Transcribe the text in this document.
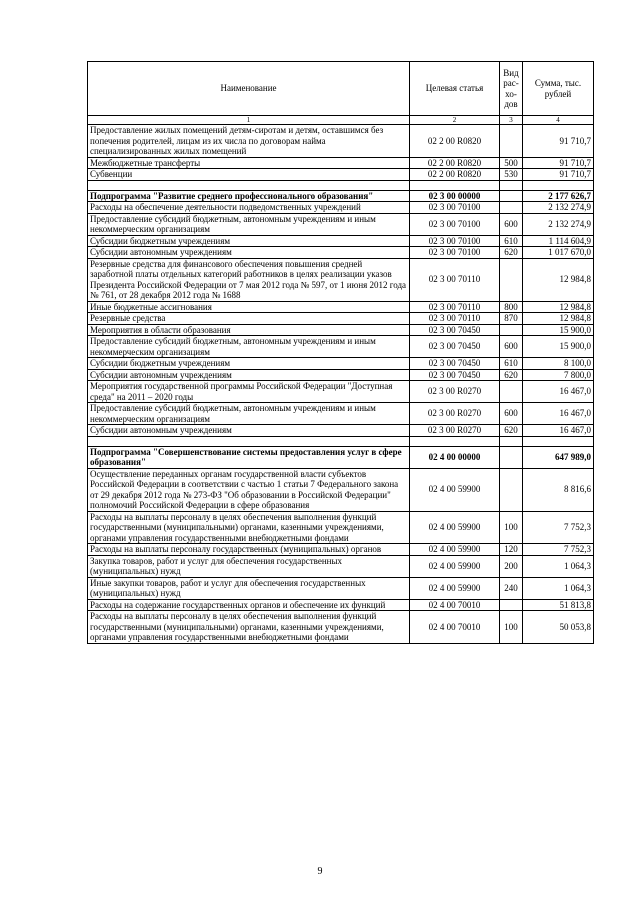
Наименование	Целевая статья	Вид рас-хо-дов	Сумма, тыс. рублей
1	2	3	4
Предоставление жилых помещений детям-сиротам и детям, оставшимся без попечения родителей, лицам из их числа по договорам найма специализированных жилых помещений	02 2 00 R0820		91 710,7
Межбюджетные трансферты	02 2 00 R0820	500	91 710,7
Субвенции	02 2 00 R0820	530	91 710,7

Подпрограмма "Развитие среднего профессионального образования"	02 3 00 00000		2 177 626,7
Расходы на обеспечение деятельности подведомственных учреждений	02 3 00 70100		2 132 274,9
Предоставление субсидий бюджетным, автономным учреждениям и иным некоммерческим организациям	02 3 00 70100	600	2 132 274,9
Субсидии бюджетным учреждениям	02 3 00 70100	610	1 114 604,9
Субсидии автономным учреждениям	02 3 00 70100	620	1 017 670,0
Резервные средства для финансового обеспечения повышения средней заработной платы отдельных категорий работников в целях реализации указов Президента Российской Федерации от 7 мая 2012 года № 597, от 1 июня 2012 года № 761, от 28 декабря 2012 года № 1688	02 3 00 70110		12 984,8
Иные бюджетные ассигнования	02 3 00 70110	800	12 984,8
Резервные средства	02 3 00 70110	870	12 984,8
Мероприятия в области образования	02 3 00 70450		15 900,0
Предоставление субсидий бюджетным, автономным учреждениям и иным некоммерческим организациям	02 3 00 70450	600	15 900,0
Субсидии бюджетным учреждениям	02 3 00 70450	610	8 100,0
Субсидии автономным учреждениям	02 3 00 70450	620	7 800,0
Мероприятия государственной программы Российской Федерации "Доступная среда" на 2011 – 2020 годы	02 3 00 R0270		16 467,0
Предоставление субсидий бюджетным, автономным учреждениям и иным некоммерческим организациям	02 3 00 R0270	600	16 467,0
Субсидии автономным учреждениям	02 3 00 R0270	620	16 467,0

Подпрограмма "Совершенствование системы предоставления услуг в сфере образования"	02 4 00 00000		647 989,0
Осуществление переданных органам государственной власти субъектов Российской Федерации в соответствии с частью 1 статьи 7 Федерального закона от 29 декабря 2012 года № 273-ФЗ "Об образовании в Российской Федерации" полномочий Российской Федерации в сфере образования	02 4 00 59900		8 816,6
Расходы на выплаты персоналу в целях обеспечения выполнения функций государственными (муниципальными) органами, казенными учреждениями, органами управления государственными внебюджетными фондами	02 4 00 59900	100	7 752,3
Расходы на выплаты персоналу государственных (муниципальных) органов	02 4 00 59900	120	7 752,3
Закупка товаров, работ и услуг для обеспечения государственных (муниципальных) нужд	02 4 00 59900	200	1 064,3
Иные закупки товаров, работ и услуг для обеспечения государственных (муниципальных) нужд	02 4 00 59900	240	1 064,3
Расходы на содержание государственных органов и обеспечение их функций	02 4 00 70010		51 813,8
Расходы на выплаты персоналу в целях обеспечения выполнения функций государственными (муниципальными) органами, казенными учреждениями, органами управления государственными внебюджетными фондами	02 4 00 70010	100	50 053,8
9
